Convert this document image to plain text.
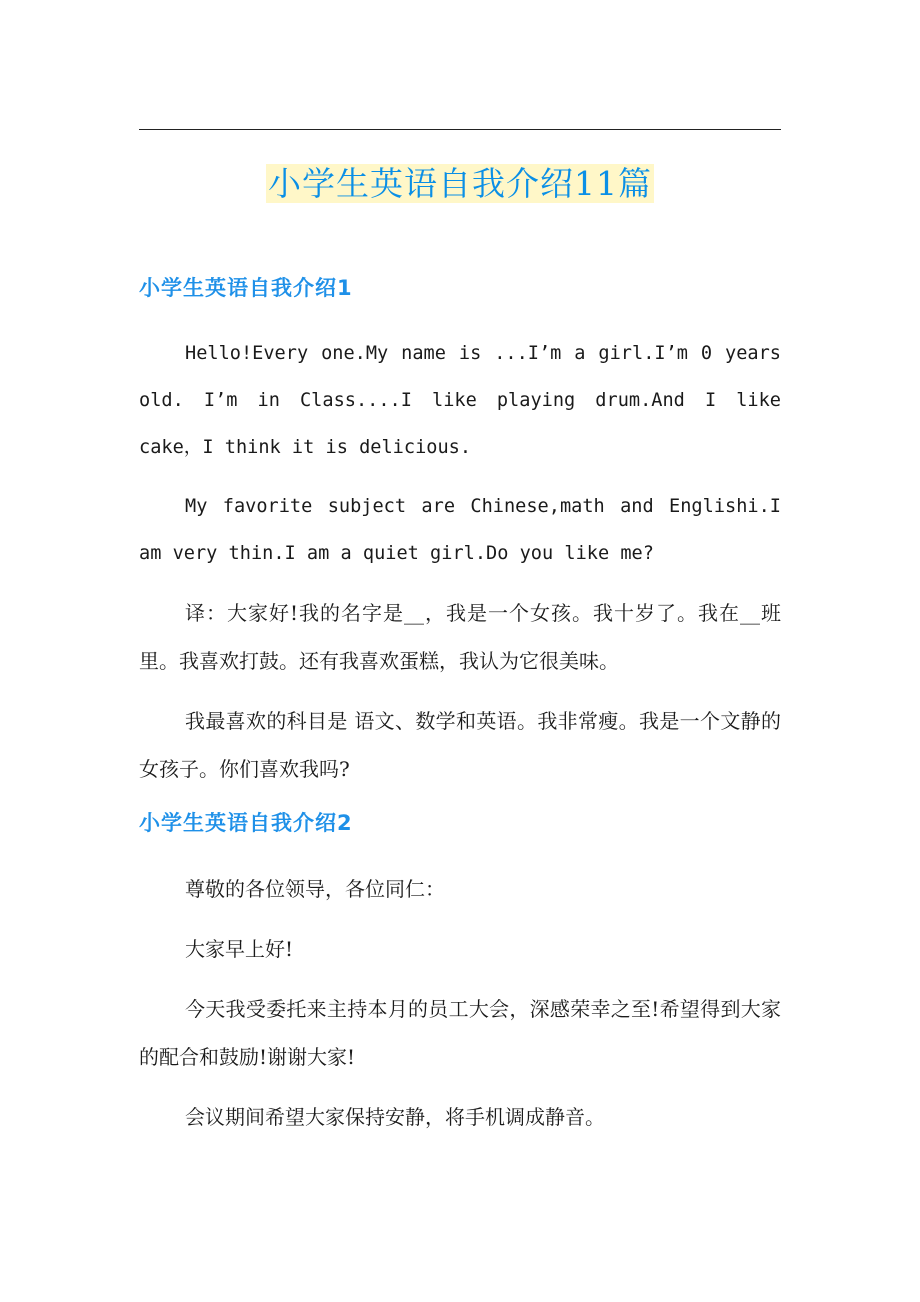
小学生英语自我介绍11篇
小学生英语自我介绍1

Hello!Every one.My name is ...I’m a girl.I’m 0 years old. I’m in Class....I like playing drum.And I like cake，I think it is delicious.

My favorite subject are Chinese,math and Englishi.I am very thin.I am a quiet girl.Do you like me?

译：大家好!我的名字是__，我是一个女孩。我十岁了。我在__班里。我喜欢打鼓。还有我喜欢蛋糕，我认为它很美味。

我最喜欢的科目是 语文、数学和英语。我非常瘦。我是一个文静的女孩子。你们喜欢我吗?

小学生英语自我介绍2

尊敬的各位领导，各位同仁：

大家早上好!

今天我受委托来主持本月的员工大会，深感荣幸之至!希望得到大家的配合和鼓励!谢谢大家!

会议期间希望大家保持安静，将手机调成静音。
